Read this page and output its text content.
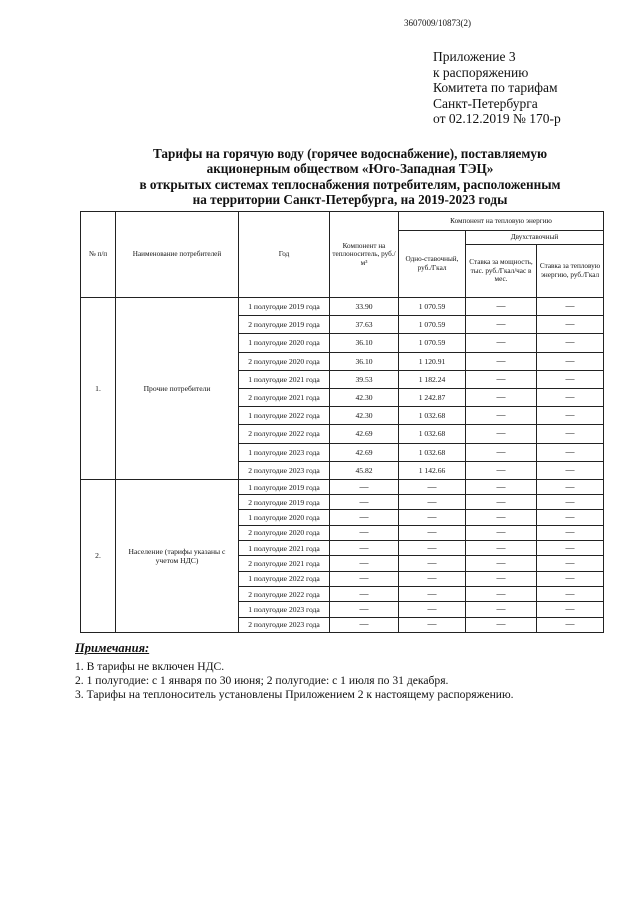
3607009/10873(2)
Приложение 3
к распоряжению
Комитета по тарифам
Санкт-Петербурга
от 02.12.2019 № 170-р
Тарифы на горячую воду (горячее водоснабжение), поставляемую
акционерным обществом «Юго-Западная ТЭЦ»
в открытых системах теплоснабжения потребителям, расположенным
на территории Санкт-Петербурга, на 2019-2023 годы
№ п/п	Наименование потребителей	Год	Компонент на теплоноситель, руб./м³	Компонент на тепловую энергию		
				Одно-ставочный, руб./Гкал	Двухставочный	
					Ставка за мощность, тыс. руб./Гкал/час в мес.	Ставка за тепловую энергию, руб./Гкал
1.	Прочие потребители	1 полугодие 2019 года	33.90	1 070.59	—	—
		2 полугодие 2019 года	37.63	1 070.59	—	—
		1 полугодие 2020 года	36.10	1 070.59	—	—
		2 полугодие 2020 года	36.10	1 120.91	—	—
		1 полугодие 2021 года	39.53	1 182.24	—	—
		2 полугодие 2021 года	42.30	1 242.87	—	—
		1 полугодие 2022 года	42.30	1 032.68	—	—
		2 полугодие 2022 года	42.69	1 032.68	—	—
		1 полугодие 2023 года	42.69	1 032.68	—	—
		2 полугодие 2023 года	45.82	1 142.66	—	—
2.	Население (тарифы указаны с учетом НДС)	1 полугодие 2019 года	—	—	—	—
		2 полугодие 2019 года	—	—	—	—
		1 полугодие 2020 года	—	—	—	—
		2 полугодие 2020 года	—	—	—	—
		1 полугодие 2021 года	—	—	—	—
		2 полугодие 2021 года	—	—	—	—
		1 полугодие 2022 года	—	—	—	—
		2 полугодие 2022 года	—	—	—	—
		1 полугодие 2023 года	—	—	—	—
		2 полугодие 2023 года	—	—	—	—
Примечания:
1. В тарифы не включен НДС.
2. 1 полугодие: с 1 января по 30 июня; 2 полугодие: с 1 июля по 31 декабря.
3. Тарифы на теплоноситель установлены Приложением 2 к настоящему распоряжению.
